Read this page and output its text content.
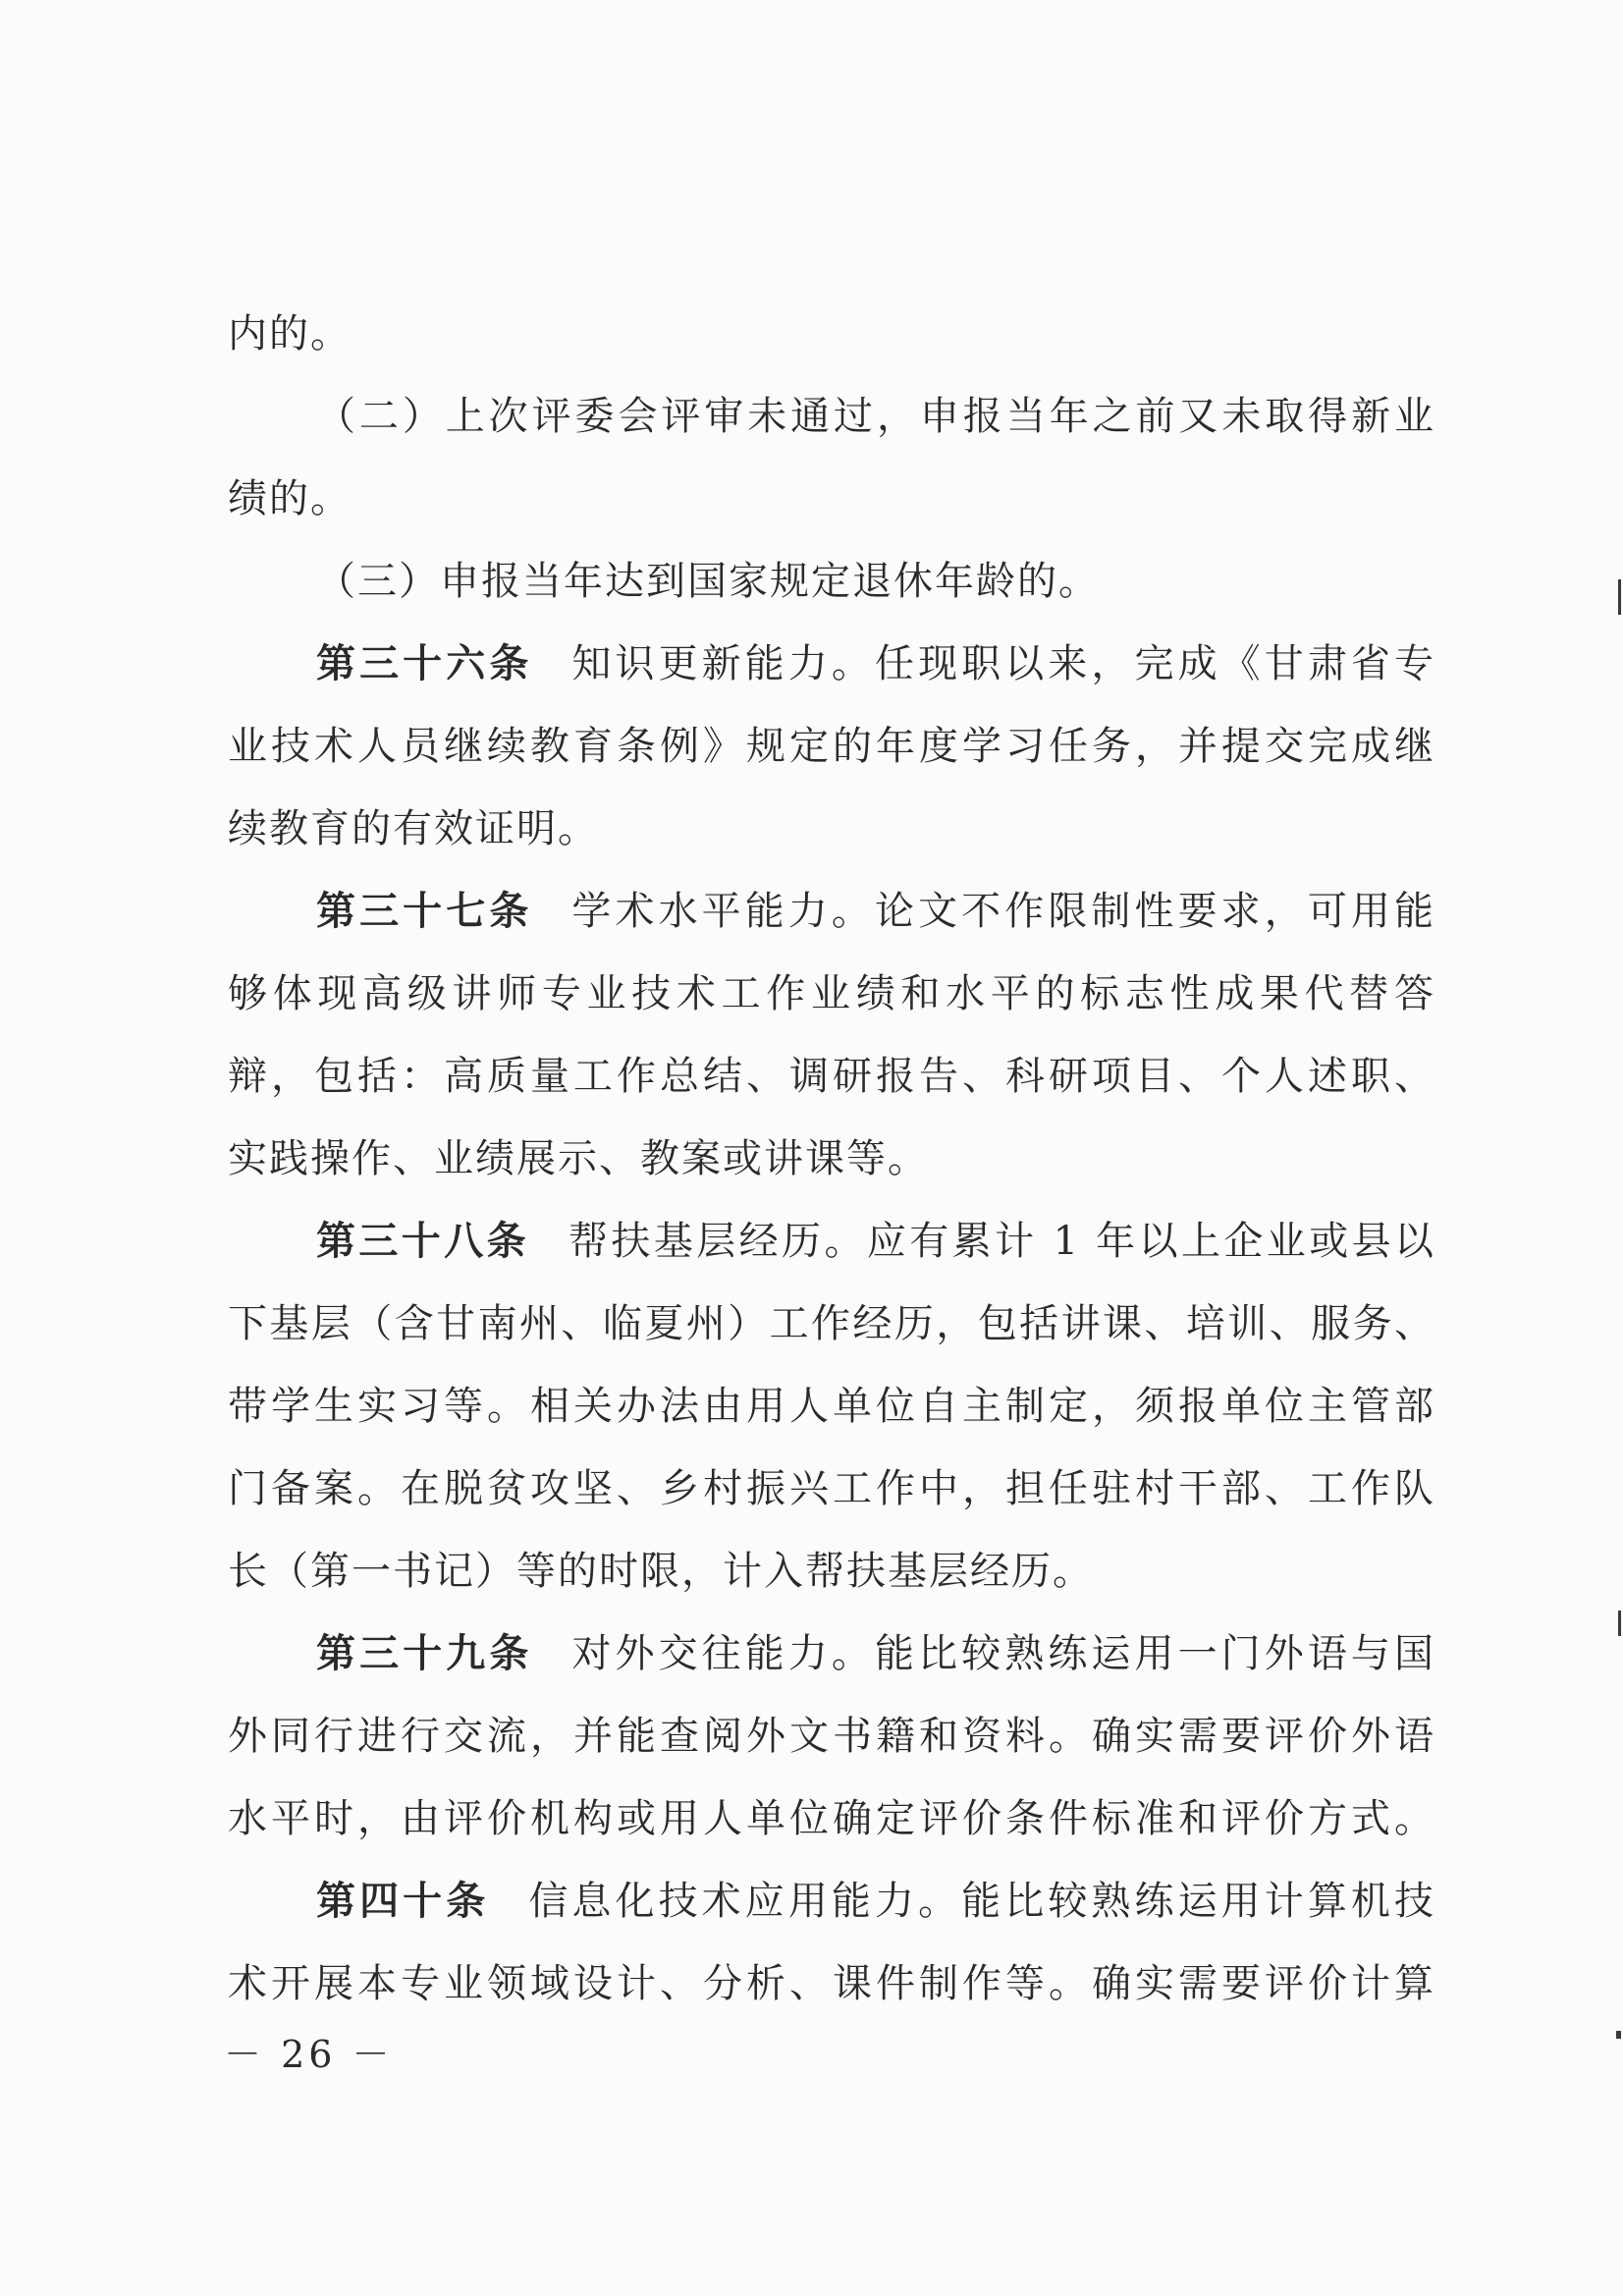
内的。
（二）上次评委会评审未通过，申报当年之前又未取得新业
绩的。
（三）申报当年达到国家规定退休年龄的。
第三十六条 知识更新能力。任现职以来，完成《甘肃省专
业技术人员继续教育条例》规定的年度学习任务，并提交完成继
续教育的有效证明。
第三十七条 学术水平能力。论文不作限制性要求，可用能
够体现高级讲师专业技术工作业绩和水平的标志性成果代替答
辩，包括：高质量工作总结、调研报告、科研项目、个人述职、
实践操作、业绩展示、教案或讲课等。
第三十八条 帮扶基层经历。应有累计 1 年以上企业或县以
下基层（含甘南州、临夏州）工作经历，包括讲课、培训、服务、
带学生实习等。相关办法由用人单位自主制定，须报单位主管部
门备案。在脱贫攻坚、乡村振兴工作中，担任驻村干部、工作队
长（第一书记）等的时限，计入帮扶基层经历。
第三十九条 对外交往能力。能比较熟练运用一门外语与国
外同行进行交流，并能查阅外文书籍和资料。确实需要评价外语
水平时，由评价机构或用人单位确定评价条件标准和评价方式。
第四十条 信息化技术应用能力。能比较熟练运用计算机技
术开展本专业领域设计、分析、课件制作等。确实需要评价计算
－ 26 －
